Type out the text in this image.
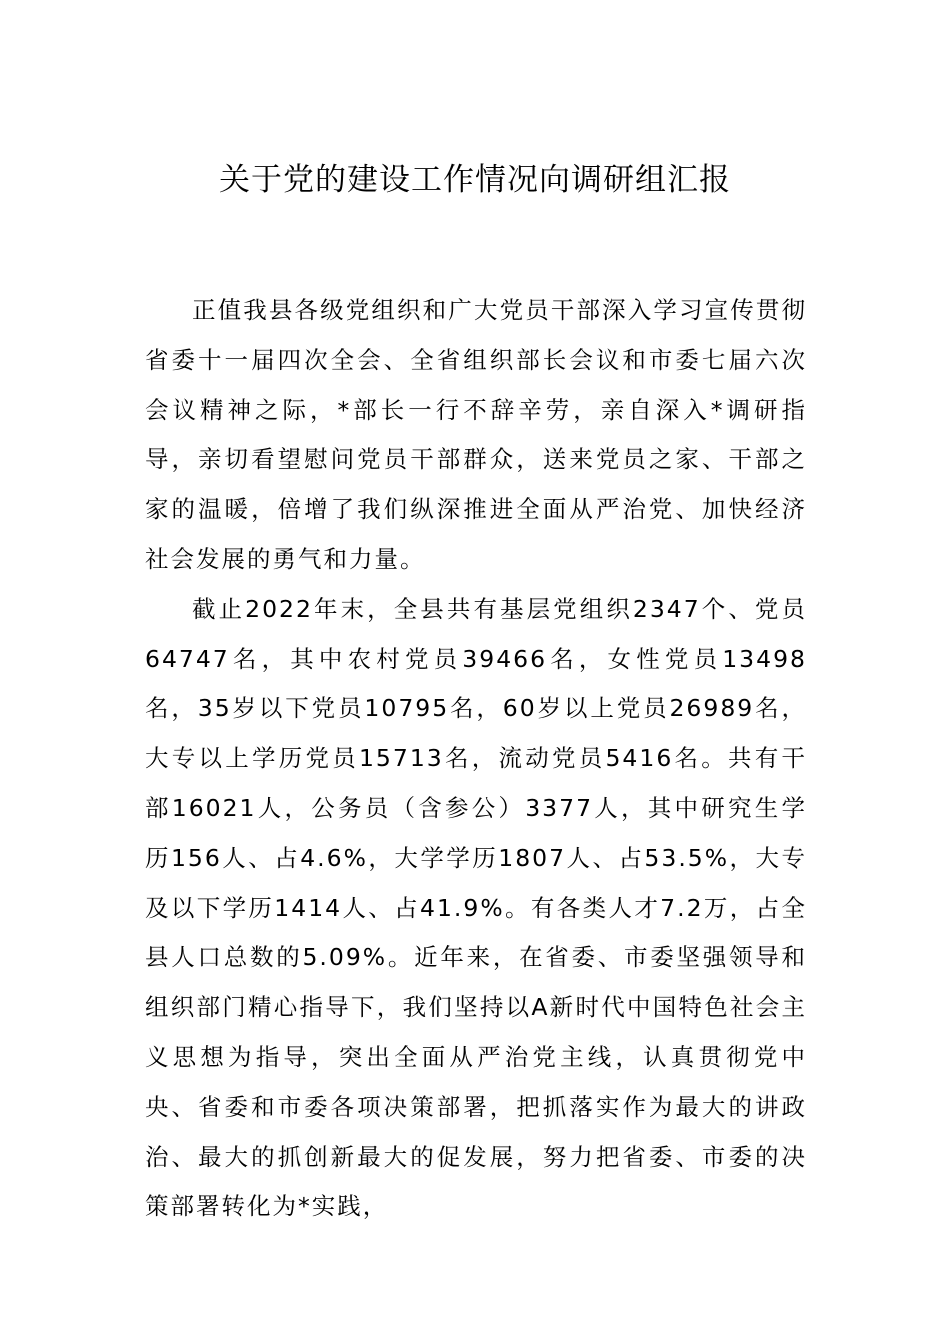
关于党的建设工作情况向调研组汇报

正值我县各级党组织和广大党员干部深入学习宣传贯彻省委十一届四次全会、全省组织部长会议和市委七届六次会议精神之际，*部长一行不辞辛劳，亲自深入*调研指导，亲切看望慰问党员干部群众，送来党员之家、干部之家的温暖，倍增了我们纵深推进全面从严治党、加快经济社会发展的勇气和力量。

截止2022年末，全县共有基层党组织2347个、党员64747名，其中农村党员39466名，女性党员13498名，35岁以下党员10795名，60岁以上党员26989名，大专以上学历党员15713名，流动党员5416名。共有干部16021人，公务员（含参公）3377人，其中研究生学历156人、占4.6%，大学学历1807人、占53.5%，大专及以下学历1414人、占41.9%。有各类人才7.2万，占全县人口总数的5.09%。近年来，在省委、市委坚强领导和组织部门精心指导下，我们坚持以A新时代中国特色社会主义思想为指导，突出全面从严治党主线，认真贯彻党中央、省委和市委各项决策部署，把抓落实作为最大的讲政治、最大的抓创新最大的促发展，努力把省委、市委的决策部署转化为*实践，
